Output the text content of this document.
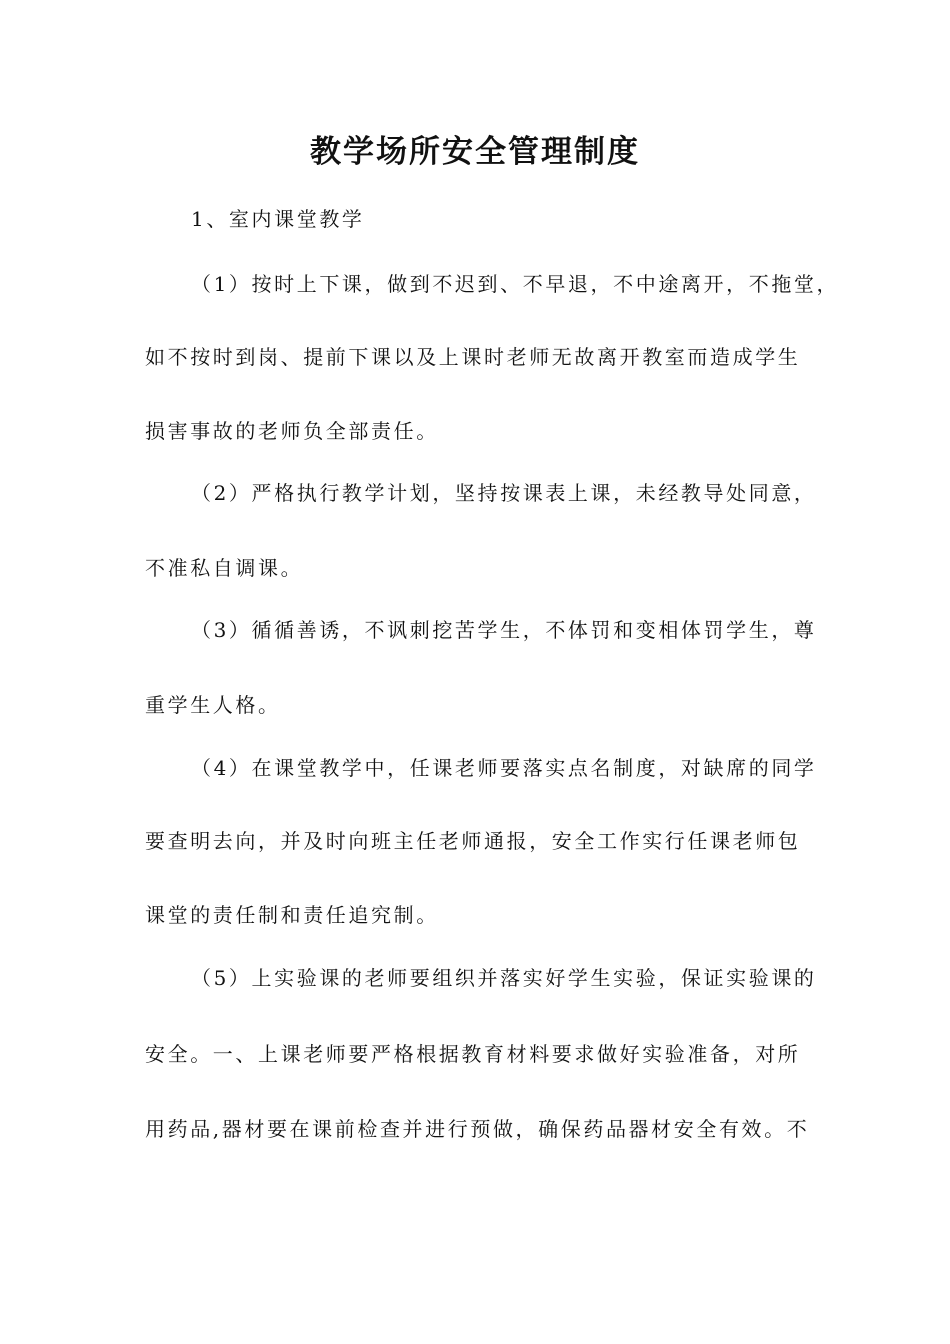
教学场所安全管理制度
1、室内课堂教学
（1）按时上下课，做到不迟到、不早退，不中途离开，不拖堂，
如不按时到岗、提前下课以及上课时老师无故离开教室而造成学生
损害事故的老师负全部责任。
（2）严格执行教学计划，坚持按课表上课，未经教导处同意，
不准私自调课。
（3）循循善诱，不讽刺挖苦学生，不体罚和变相体罚学生，尊
重学生人格。
（4）在课堂教学中，任课老师要落实点名制度，对缺席的同学
要查明去向，并及时向班主任老师通报，安全工作实行任课老师包
课堂的责任制和责任追究制。
（5）上实验课的老师要组织并落实好学生实验，保证实验课的
安全。一、上课老师要严格根据教育材料要求做好实验准备，对所
用药品,器材要在课前检查并进行预做，确保药品器材安全有效。不
